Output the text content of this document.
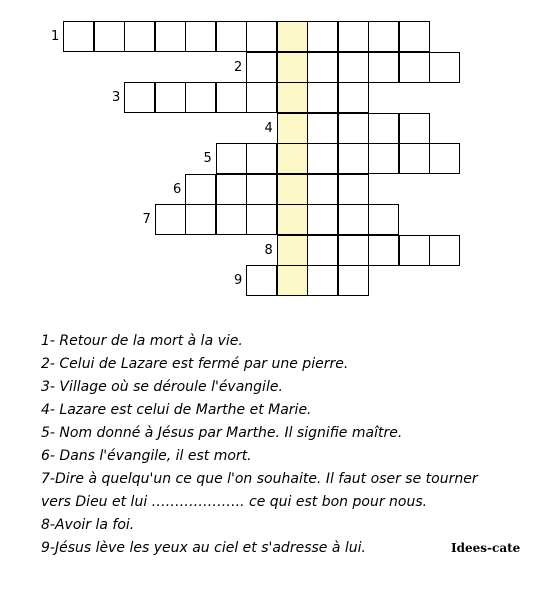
1
2
3
4
5
6
7
8
9
1- Retour de la mort à la vie.
2- Celui de Lazare est fermé par une pierre.
3- Village où se déroule l'évangile.
4- Lazare est celui de Marthe et Marie.
5- Nom donné à Jésus par Marthe. Il signifie maître.
6- Dans l'évangile, il est mort.
7-Dire à quelqu'un ce que l'on souhaite. Il faut oser se tourner
vers Dieu et lui ……………….. ce qui est bon pour nous.
8-Avoir la foi.
9-Jésus lève les yeux au ciel et s'adresse à lui.	Idees-cate
